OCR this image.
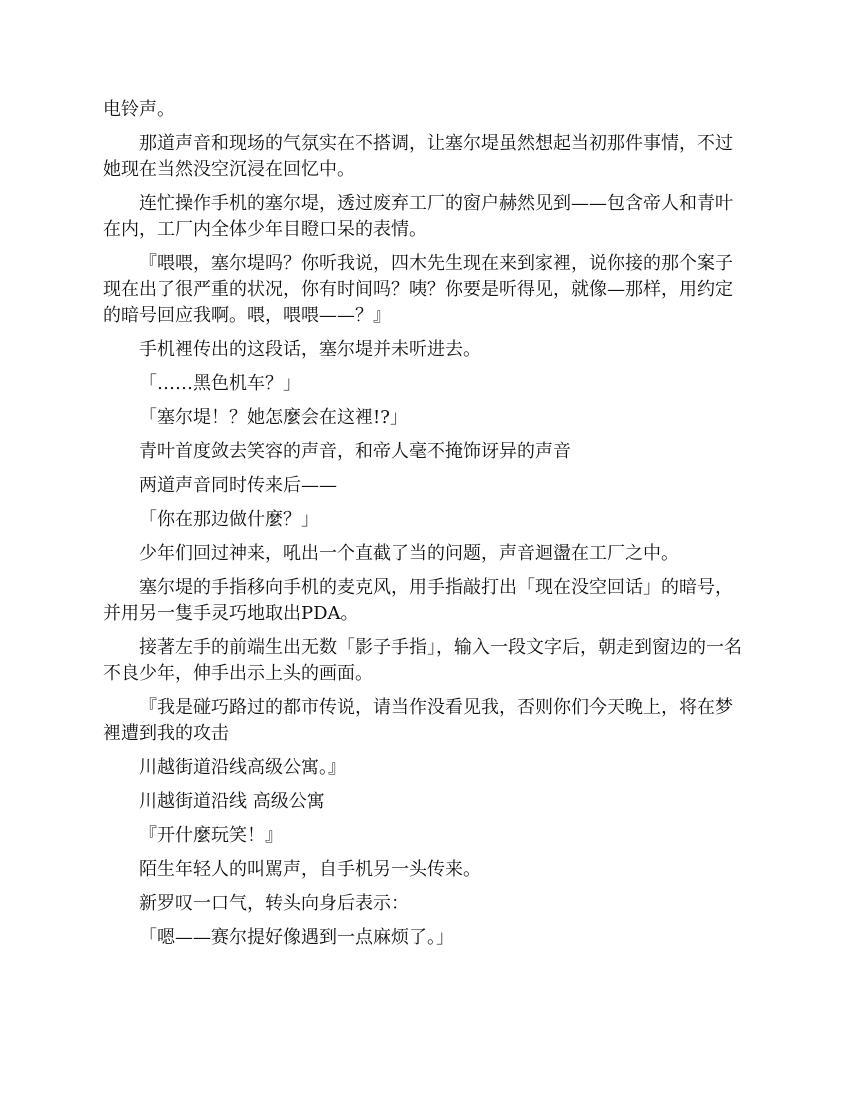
电铃声。

那道声音和现场的气氛实在不搭调，让塞尔堤虽然想起当初那件事情，不过她现在当然没空沉浸在回忆中。

连忙操作手机的塞尔堤，透过废弃工厂的窗户赫然见到——包含帝人和青叶在内，工厂内全体少年目瞪口呆的表情。

『喂喂，塞尔堤吗？你听我说，四木先生现在来到家裡，说你接的那个案子现在出了很严重的状况，你有时间吗？咦？你要是听得见，就像—那样，用约定的暗号回应我啊。喂，喂喂——？』

手机裡传出的这段话，塞尔堤并未听进去。

「……黑色机车？」

「塞尔堤！？她怎麼会在这裡!?」

青叶首度敛去笑容的声音，和帝人毫不掩饰讶异的声音

两道声音同时传来后——

「你在那边做什麼？」

少年们回过神来，吼出一个直截了当的问题，声音迴盪在工厂之中。

塞尔堤的手指移向手机的麦克风，用手指敲打出「现在没空回话」的暗号，并用另一隻手灵巧地取出PDA。

接著左手的前端生出无数「影子手指」，输入一段文字后，朝走到窗边的一名不良少年，伸手出示上头的画面。

『我是碰巧路过的都市传说，请当作没看见我，否则你们今天晚上，将在梦裡遭到我的攻击

川越街道沿线高级公寓。』

川越街道沿线 高级公寓

『开什麼玩笑！』

陌生年轻人的叫駡声，自手机另一头传来。

新罗叹一口气，转头向身后表示：

「嗯——赛尔提好像遇到一点麻烦了。」
